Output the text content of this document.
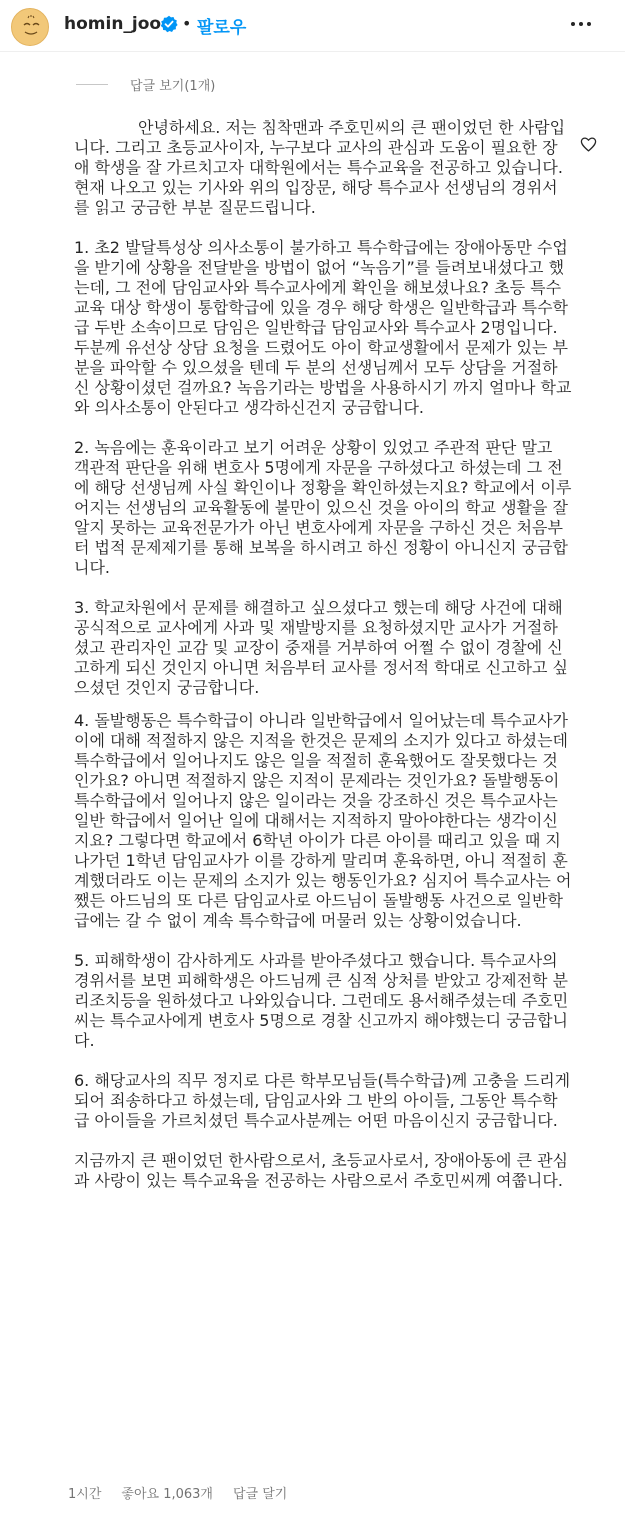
homin_joo • 팔로우
답글 보기(1개)

안녕하세요. 저는 침착맨과 주호민씨의 큰 팬이었던 한 사람입니다. 그리고 초등교사이자, 누구보다 교사의 관심과 도움이 필요한 장애 학생을 잘 가르치고자 대학원에서는 특수교육을 전공하고 있습니다. 현재 나오고 있는 기사와 위의 입장문, 해당 특수교사 선생님의 경위서를 읽고 궁금한 부분 질문드립니다.

1. 초2 발달특성상 의사소통이 불가하고 특수학급에는 장애아동만 수업을 받기에 상황을 전달받을 방법이 없어 “녹음기”를 들려보내셨다고 했는데, 그 전에 담임교사와 특수교사에게 확인을 해보셨나요? 초등 특수교육 대상 학생이 통합학급에 있을 경우 해당 학생은 일반학급과 특수학급 두반 소속이므로 담임은 일반학급 담임교사와 특수교사 2명입니다. 두분께 유선상 상담 요청을 드렸어도 아이 학교생활에서 문제가 있는 부분을 파악할 수 있으셨을 텐데 두 분의 선생님께서 모두 상담을 거절하신 상황이셨던 걸까요? 녹음기라는 방법을 사용하시기 까지 얼마나 학교와 의사소통이 안된다고 생각하신건지 궁금합니다.

2. 녹음에는 훈육이라고 보기 어려운 상황이 있었고 주관적 판단 말고 객관적 판단을 위해 변호사 5명에게 자문을 구하셨다고 하셨는데 그 전에 해당 선생님께 사실 확인이나 정황을 확인하셨는지요? 학교에서 이루어지는 선생님의 교육활동에 불만이 있으신 것을 아이의 학교 생활을 잘 알지 못하는 교육전문가가 아닌 변호사에게 자문을 구하신 것은 처음부터 법적 문제제기를 통해 보복을 하시려고 하신 정황이 아니신지 궁금합니다.

3. 학교차원에서 문제를 해결하고 싶으셨다고 했는데 해당 사건에 대해 공식적으로 교사에게 사과 및 재발방지를 요청하셨지만 교사가 거절하셨고 관리자인 교감 및 교장이 중재를 거부하여 어쩔 수 없이 경찰에 신고하게 되신 것인지 아니면 처음부터 교사를 정서적 학대로 신고하고 싶으셨던 것인지 궁금합니다.

4. 돌발행동은 특수학급이 아니라 일반학급에서 일어났는데 특수교사가 이에 대해 적절하지 않은 지적을 한것은 문제의 소지가 있다고 하셨는데 특수학급에서 일어나지도 않은 일을 적절히 훈육했어도 잘못했다는 것인가요? 아니면 적절하지 않은 지적이 문제라는 것인가요? 돌발행동이 특수학급에서 일어나지 않은 일이라는 것을 강조하신 것은 특수교사는 일반 학급에서 일어난 일에 대해서는 지적하지 말아야한다는 생각이신지요? 그렇다면 학교에서 6학년 아이가 다른 아이를 때리고 있을 때 지나가던 1학년 담임교사가 이를 강하게 말리며 훈육하면, 아니 적절히 훈계했더라도 이는 문제의 소지가 있는 행동인가요? 심지어 특수교사는 어쨌든 아드님의 또 다른 담임교사로 아드님이 돌발행동 사건으로 일반학급에는 갈 수 없이 계속 특수학급에 머물러 있는 상황이었습니다.

5. 피해학생이 감사하게도 사과를 받아주셨다고 했습니다. 특수교사의 경위서를 보면 피해학생은 아드님께 큰 심적 상처를 받았고 강제전학 분리조치등을 원하셨다고 나와있습니다. 그런데도 용서해주셨는데 주호민씨는 특수교사에게 변호사 5명으로 경찰 신고까지 해야했는디 궁금합니다.

6. 해당교사의 직무 정지로 다른 학부모님들(특수학급)께 고충을 드리게 되어 죄송하다고 하셨는데, 담임교사와 그 반의 아이들, 그동안 특수학급 아이들을 가르치셨던 특수교사분께는 어떤 마음이신지 궁금합니다.

지금까지 큰 팬이었던 한사람으로서, 초등교사로서, 장애아동에 큰 관심과 사랑이 있는 특수교육을 전공하는 사람으로서 주호민씨께 여쭙니다.

1시간 좋아요 1,063개 답글 달기
